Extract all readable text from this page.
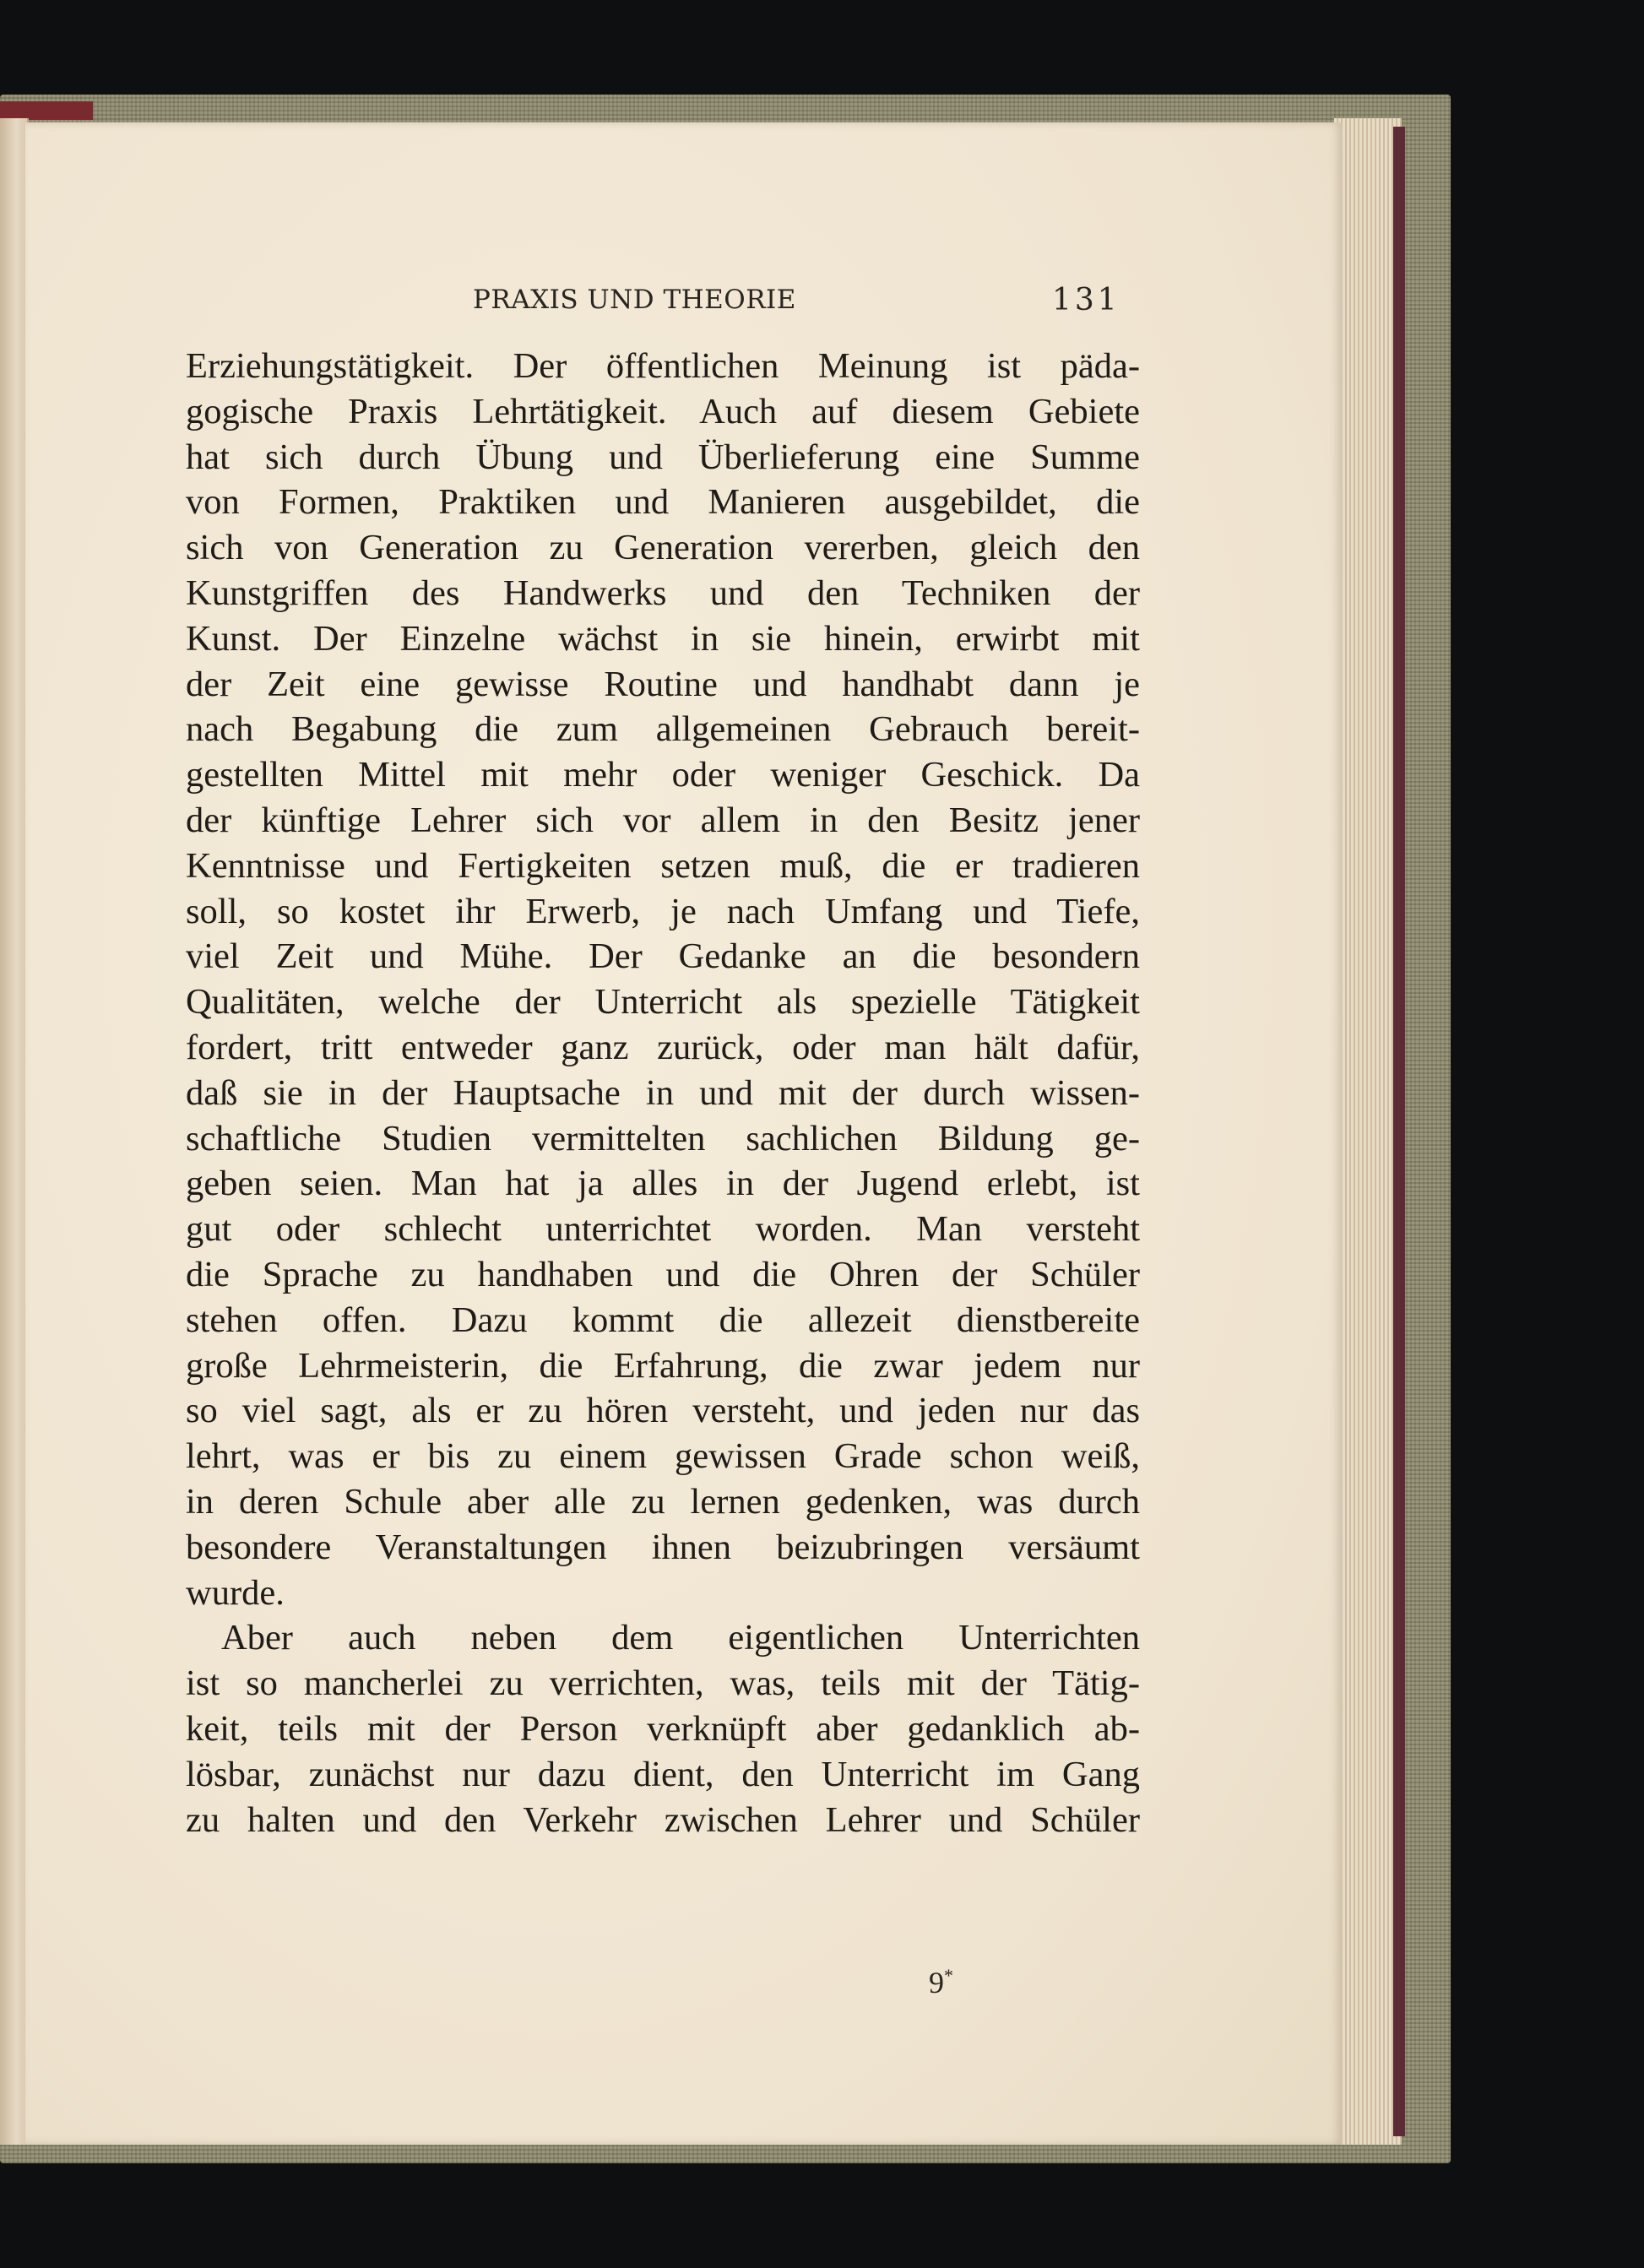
PRAXIS UND THEORIE	131
Erziehungstätigkeit. Der öffentlichen Meinung ist päda-
gogische Praxis Lehrtätigkeit. Auch auf diesem Gebiete
hat sich durch Übung und Überlieferung eine Summe
von Formen, Praktiken und Manieren ausgebildet, die
sich von Generation zu Generation vererben, gleich den
Kunstgriffen des Handwerks und den Techniken der
Kunst. Der Einzelne wächst in sie hinein, erwirbt mit
der Zeit eine gewisse Routine und handhabt dann je
nach Begabung die zum allgemeinen Gebrauch bereit-
gestellten Mittel mit mehr oder weniger Geschick. Da
der künftige Lehrer sich vor allem in den Besitz jener
Kenntnisse und Fertigkeiten setzen muß, die er tradieren
soll, so kostet ihr Erwerb, je nach Umfang und Tiefe,
viel Zeit und Mühe. Der Gedanke an die besondern
Qualitäten, welche der Unterricht als spezielle Tätigkeit
fordert, tritt entweder ganz zurück, oder man hält dafür,
daß sie in der Hauptsache in und mit der durch wissen-
schaftliche Studien vermittelten sachlichen Bildung ge-
geben seien. Man hat ja alles in der Jugend erlebt, ist
gut oder schlecht unterrichtet worden. Man versteht
die Sprache zu handhaben und die Ohren der Schüler
stehen offen. Dazu kommt die allezeit dienstbereite
große Lehrmeisterin, die Erfahrung, die zwar jedem nur
so viel sagt, als er zu hören versteht, und jeden nur das
lehrt, was er bis zu einem gewissen Grade schon weiß,
in deren Schule aber alle zu lernen gedenken, was durch
besondere Veranstaltungen ihnen beizubringen versäumt
wurde.
Aber auch neben dem eigentlichen Unterrichten
ist so mancherlei zu verrichten, was, teils mit der Tätig-
keit, teils mit der Person verknüpft aber gedanklich ab-
lösbar, zunächst nur dazu dient, den Unterricht im Gang
zu halten und den Verkehr zwischen Lehrer und Schüler
9*
